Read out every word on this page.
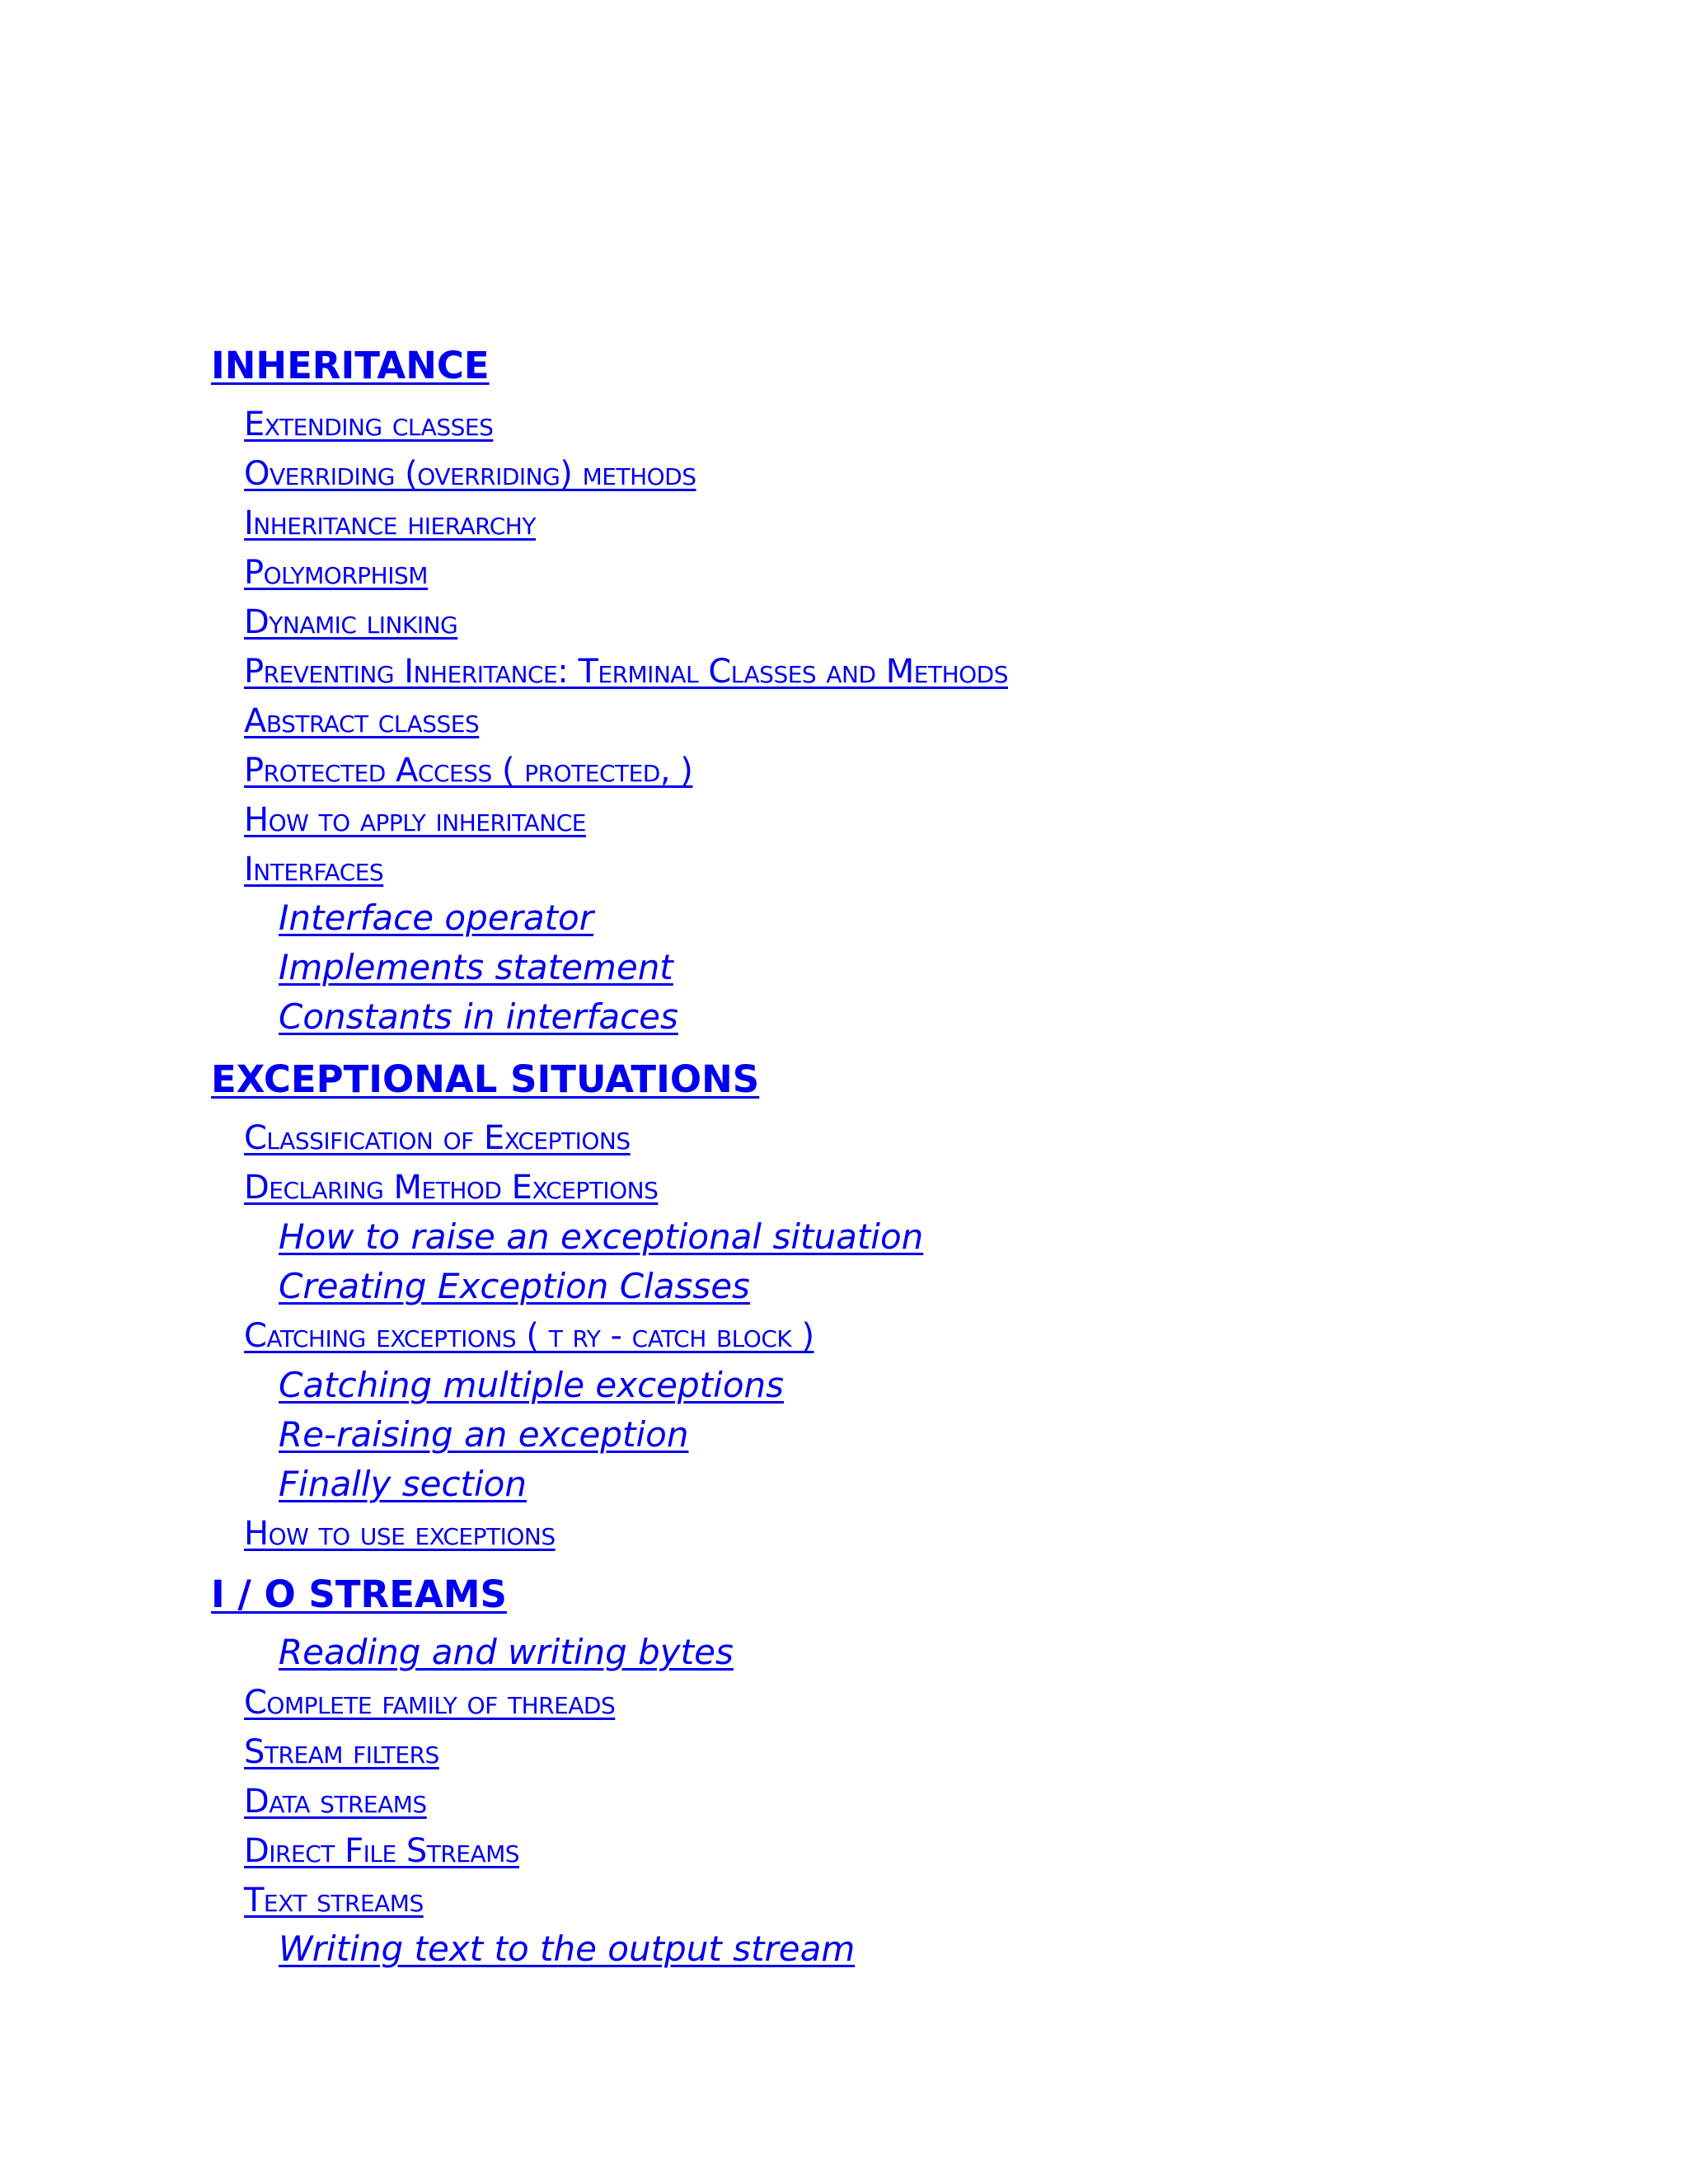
INHERITANCE
Extending classes
Overriding (overriding) methods
Inheritance hierarchy
Polymorphism
Dynamic linking
Preventing Inheritance: Terminal Classes and Methods
Abstract classes
Protected Access ( protected, )
How to apply inheritance
Interfaces
Interface operator
Implements statement
Constants in interfaces
EXCEPTIONAL SITUATIONS
Classification of Exceptions
Declaring Method Exceptions
How to raise an exceptional situation
Creating Exception Classes
Catching exceptions ( t ry - catch block )
Catching multiple exceptions
Re-raising an exception
Finally section
How to use exceptions
I / O STREAMS
Reading and writing bytes
Complete family of threads
Stream filters
Data streams
Direct File Streams
Text streams
Writing text to the output stream
